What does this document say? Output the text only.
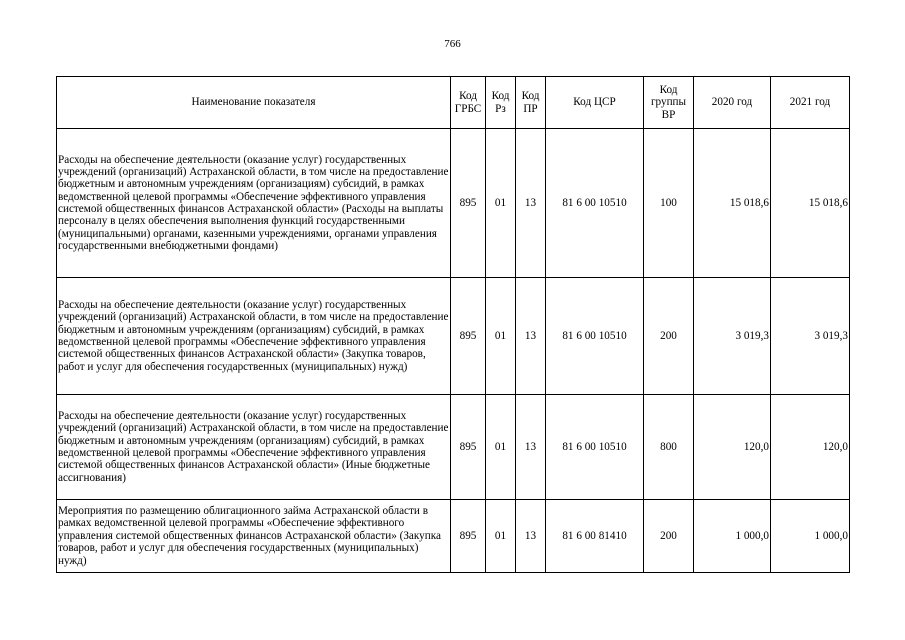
766
Наименование показателя	Код ГРБС	Код Рз	Код ПР	Код ЦСР	Код группы ВР	2020 год	2021 год
Расходы на обеспечение деятельности (оказание услуг) государственных учреждений (организаций) Астраханской области, в том числе на предоставление бюджетным и автономным учреждениям (организациям) субсидий, в рамках ведомственной целевой программы «Обеспечение эффективного управления системой общественных финансов Астраханской области» (Расходы на выплаты персоналу в целях обеспечения выполнения функций государственными (муниципальными) органами, казенными учреждениями, органами управления государственными внебюджетными фондами)	895	01	13	81 6 00 10510	100	15 018,6	15 018,6
Расходы на обеспечение деятельности (оказание услуг) государственных учреждений (организаций) Астраханской области, в том числе на предоставление бюджетным и автономным учреждениям (организациям) субсидий, в рамках ведомственной целевой программы «Обеспечение эффективного управления системой общественных финансов Астраханской области» (Закупка товаров, работ и услуг для обеспечения государственных (муниципальных) нужд)	895	01	13	81 6 00 10510	200	3 019,3	3 019,3
Расходы на обеспечение деятельности (оказание услуг) государственных учреждений (организаций) Астраханской области, в том числе на предоставление бюджетным и автономным учреждениям (организациям) субсидий, в рамках ведомственной целевой программы «Обеспечение эффективного управления системой общественных финансов Астраханской области» (Иные бюджетные ассигнования)	895	01	13	81 6 00 10510	800	120,0	120,0
Мероприятия по размещению облигационного займа Астраханской области в рамках ведомственной целевой программы «Обеспечение эффективного управления системой общественных финансов Астраханской области» (Закупка товаров, работ и услуг для обеспечения государственных (муниципальных) нужд)	895	01	13	81 6 00 81410	200	1 000,0	1 000,0
